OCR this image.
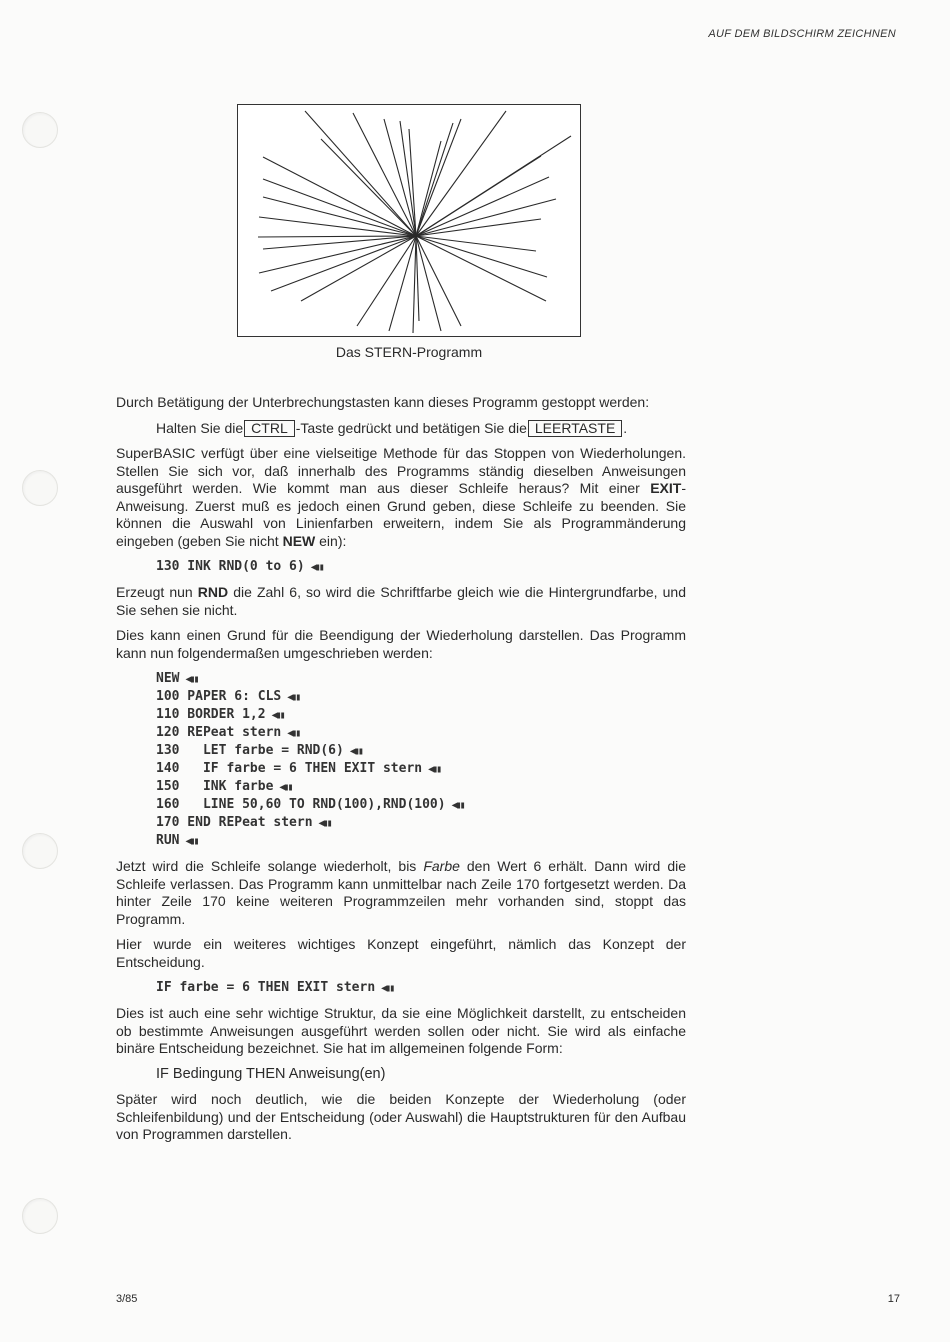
AUF DEM BILDSCHIRM ZEICHNEN
Das STERN-Programm

Durch Betätigung der Unterbrechungstasten kann dieses Programm gestoppt werden:

Halten Sie die CTRL -Taste gedrückt und betätigen Sie die LEERTASTE .

SuperBASIC verfügt über eine vielseitige Methode für das Stoppen von Wiederholungen. Stellen Sie sich vor, daß innerhalb des Programms ständig dieselben Anweisungen ausgeführt werden. Wie kommt man aus dieser Schleife heraus? Mit einer EXIT-Anweisung. Zuerst muß es jedoch einen Grund geben, diese Schleife zu beenden. Sie können die Auswahl von Linienfarben erweitern, indem Sie als Programmänderung eingeben (geben Sie nicht NEW ein):

130 INK RND(0 to 6) ◀▮▮

Erzeugt nun RND die Zahl 6, so wird die Schriftfarbe gleich wie die Hintergrundfarbe, und Sie sehen sie nicht.

Dies kann einen Grund für die Beendigung der Wiederholung darstellen. Das Programm kann nun folgendermaßen umgeschrieben werden:

NEW ◀▮▮
100 PAPER 6: CLS ◀▮▮
110 BORDER 1,2 ◀▮▮
120 REPeat stern ◀▮▮
130   LET farbe = RND(6) ◀▮▮
140   IF farbe = 6 THEN EXIT stern ◀▮▮
150   INK farbe ◀▮▮
160   LINE 50,60 TO RND(100),RND(100) ◀▮▮
170 END REPeat stern ◀▮▮
RUN ◀▮▮

Jetzt wird die Schleife solange wiederholt, bis Farbe den Wert 6 erhält. Dann wird die Schleife verlassen. Das Programm kann unmittelbar nach Zeile 170 fortgesetzt werden. Da hinter Zeile 170 keine weiteren Programmzeilen mehr vorhanden sind, stoppt das Programm.

Hier wurde ein weiteres wichtiges Konzept eingeführt, nämlich das Konzept der Entscheidung.

IF farbe = 6 THEN EXIT stern ◀▮▮

Dies ist auch eine sehr wichtige Struktur, da sie eine Möglichkeit darstellt, zu entscheiden ob bestimmte Anweisungen ausgeführt werden sollen oder nicht. Sie wird als einfache binäre Entscheidung bezeichnet. Sie hat im allgemeinen folgende Form:

IF Bedingung THEN Anweisung(en)

Später wird noch deutlich, wie die beiden Konzepte der Wiederholung (oder Schleifenbildung) und der Entscheidung (oder Auswahl) die Hauptstrukturen für den Aufbau von Programmen darstellen.

3/85	17
